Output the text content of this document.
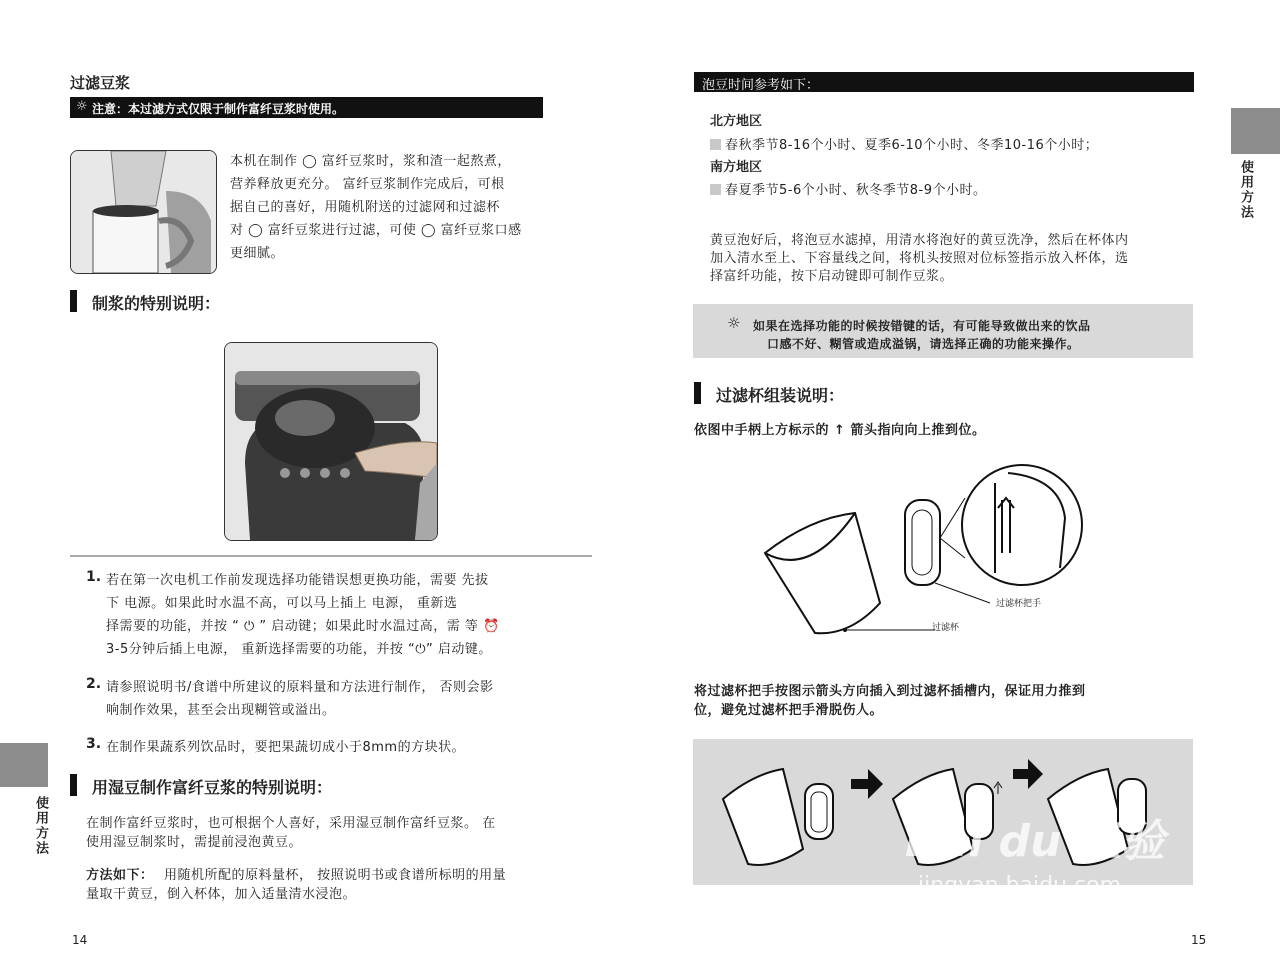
过滤豆浆
☼ 注意：本过滤方式仅限于制作富纤豆浆时使用。
本机在制作 ◯ 富纤豆浆时，浆和渣一起熬煮，
营养释放更充分。 富纤豆浆制作完成后，可根
据自己的喜好，用随机附送的过滤网和过滤杯
对 ◯ 富纤豆浆进行过滤，可使 ◯ 富纤豆浆口感
更细腻。
制浆的特别说明：
1. 若在第一次电机工作前发现选择功能错误想更换功能，需要 先拔
下 电源。如果此时水温不高，可以马上插上 电源， 重新选
择需要的功能，并按 “ ⏻ ” 启动键；如果此时水温过高，需 等 ⏰
3-5分钟后插上电源， 重新选择需要的功能，并按 “⏻” 启动键。
2. 请参照说明书/食谱中所建议的原料量和方法进行制作， 否则会影
响制作效果，甚至会出现糊管或溢出。
3. 在制作果蔬系列饮品时，要把果蔬切成小于8mm的方块状。
用湿豆制作富纤豆浆的特别说明：
在制作富纤豆浆时，也可根据个人喜好，采用湿豆制作富纤豆浆。 在
使用湿豆制浆时，需提前浸泡黄豆。
方法如下： 用随机所配的原料量杯， 按照说明书或食谱所标明的用量
量取干黄豆，倒入杯体，加入适量清水浸泡。
使用方法
14
泡豆时间参考如下：
北方地区
春秋季节8-16个小时、夏季6-10个小时、冬季10-16个小时；
南方地区
春夏季节5-6个小时、秋冬季节8-9个小时。
黄豆泡好后，将泡豆水滤掉，用清水将泡好的黄豆洗净，然后在杯体内
加入清水至上、下容量线之间，将机头按照对位标签指示放入杯体，选
择富纤功能，按下启动键即可制作豆浆。
☼ 如果在选择功能的时候按错键的话，有可能导致做出来的饮品
口感不好、糊管或造成溢锅，请选择正确的功能来操作。
过滤杯组装说明：
依图中手柄上方标示的 ↑ 箭头指向向上推到位。
过滤杯把手
过滤杯
将过滤杯把手按图示箭头方向插入到过滤杯插槽内，保证用力推到
位，避免过滤杯把手滑脱伤人。
Bai du 经验
jingyan.baidu.com
使用方法
15
